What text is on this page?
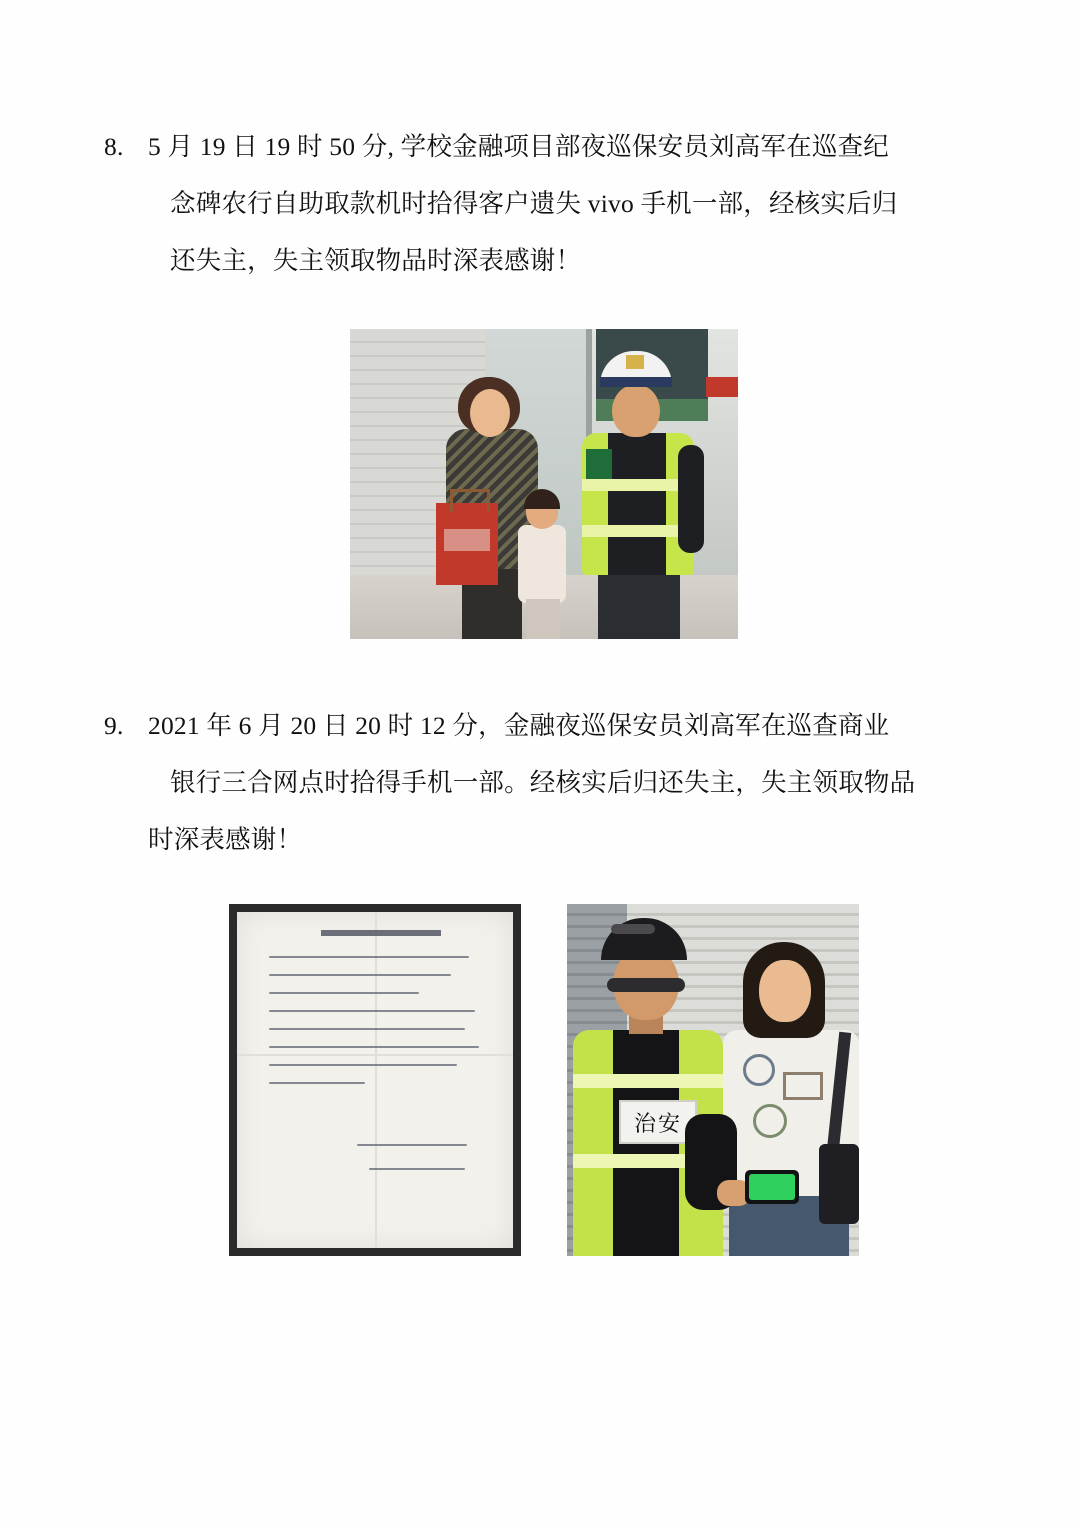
8. 5 月 19 日 19 时 50 分, 学校金融项目部夜巡保安员刘高军在巡查纪
念碑农行自助取款机时拾得客户遗失 vivo 手机一部，经核实后归
还失主，失主领取物品时深表感谢！
9. 2021 年 6 月 20 日 20 时 12 分，金融夜巡保安员刘高军在巡查商业
银行三合网点时拾得手机一部。经核实后归还失主，失主领取物品
时深表感谢！
治安
